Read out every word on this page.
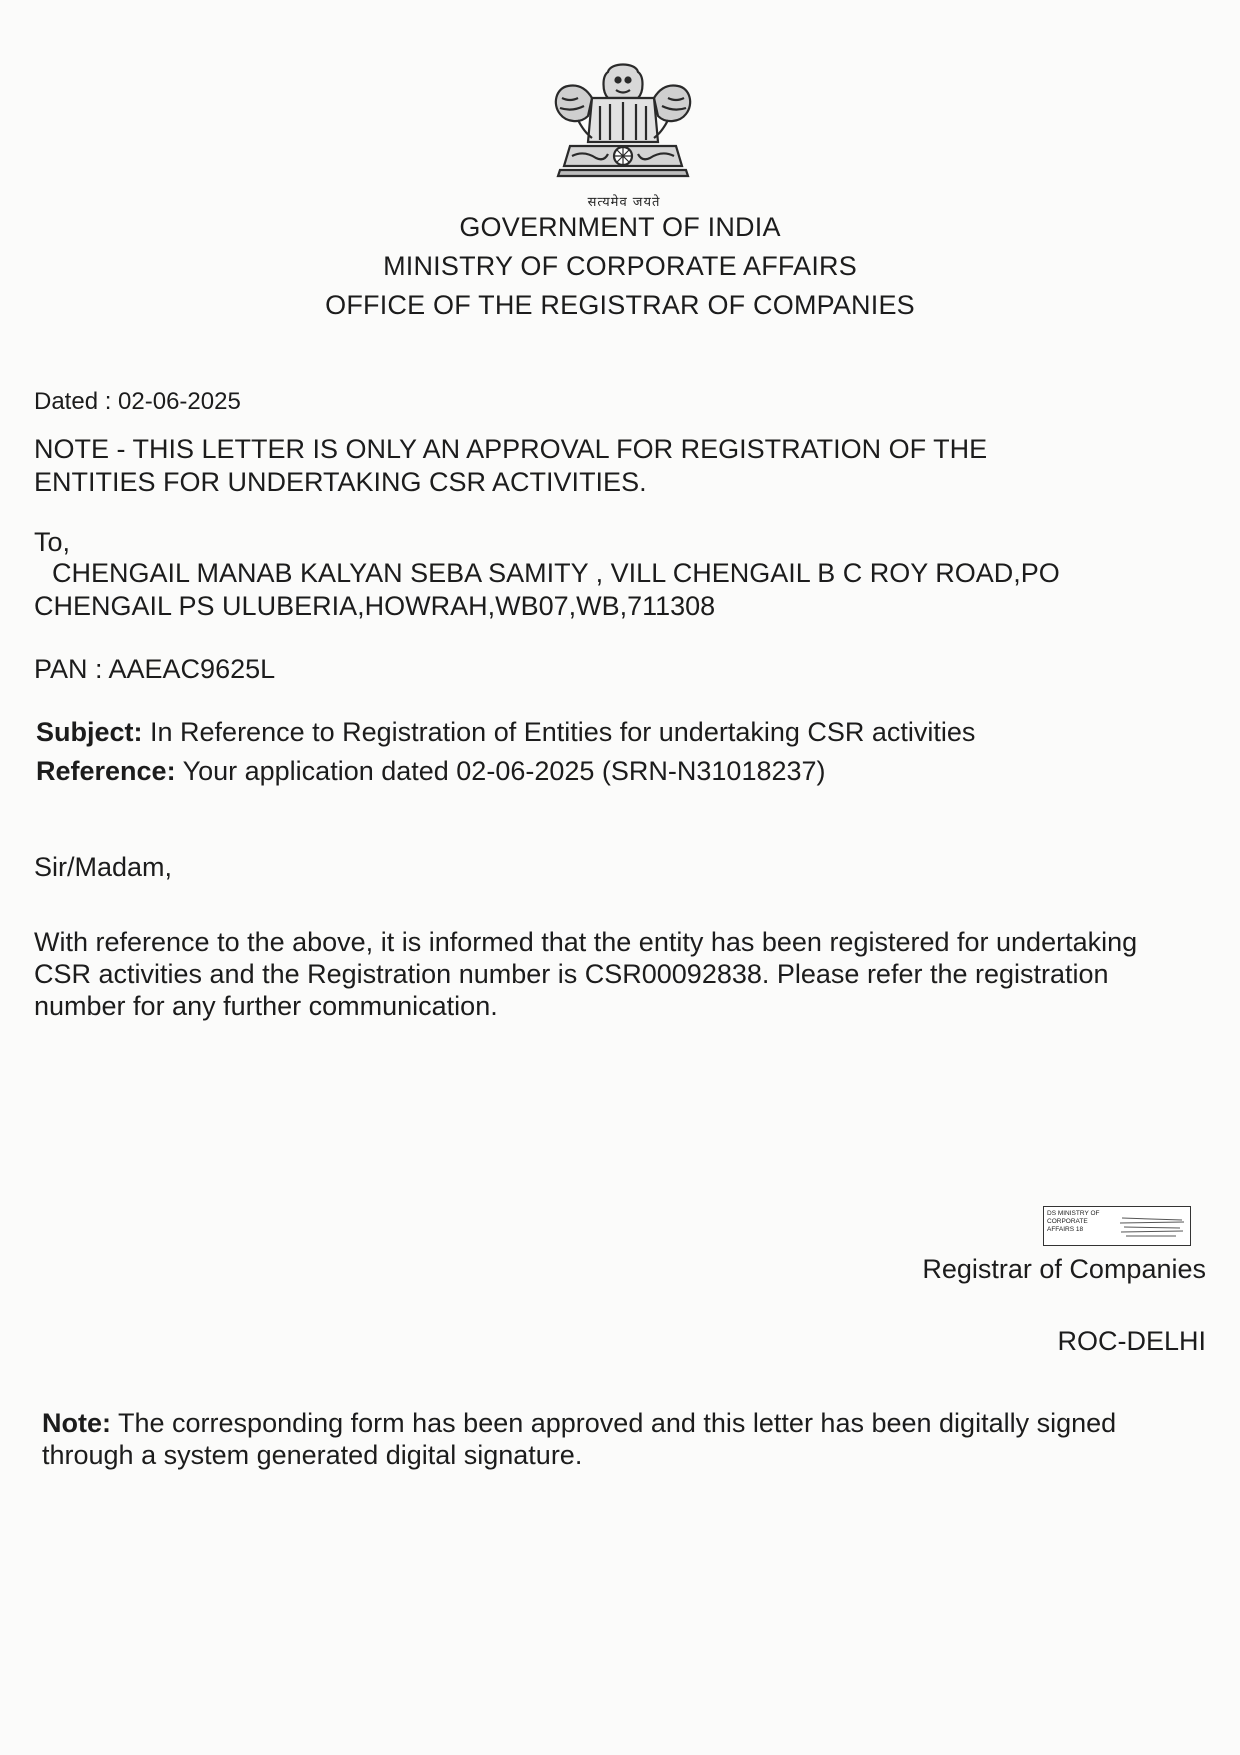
सत्यमेव जयते
GOVERNMENT OF INDIA
MINISTRY OF CORPORATE AFFAIRS
OFFICE OF THE REGISTRAR OF COMPANIES
Dated : 02-06-2025
NOTE - THIS LETTER IS ONLY AN APPROVAL FOR REGISTRATION OF THE
ENTITIES FOR UNDERTAKING CSR ACTIVITIES.
To,
CHENGAIL MANAB KALYAN SEBA SAMITY , VILL CHENGAIL B C ROY ROAD,PO
CHENGAIL PS ULUBERIA,HOWRAH,WB07,WB,711308
PAN : AAEAC9625L
Subject: In Reference to Registration of Entities for undertaking CSR activities
Reference: Your application dated 02-06-2025 (SRN-N31018237)
Sir/Madam,
With reference to the above, it is informed that the entity has been registered for undertaking
CSR activities and the Registration number is CSR00092838. Please refer the registration
number for any further communication.
DS MINISTRY OF
CORPORATE
AFFAIRS 18
Registrar of Companies
ROC-DELHI
Note: The corresponding form has been approved and this letter has been digitally signed
through a system generated digital signature.
